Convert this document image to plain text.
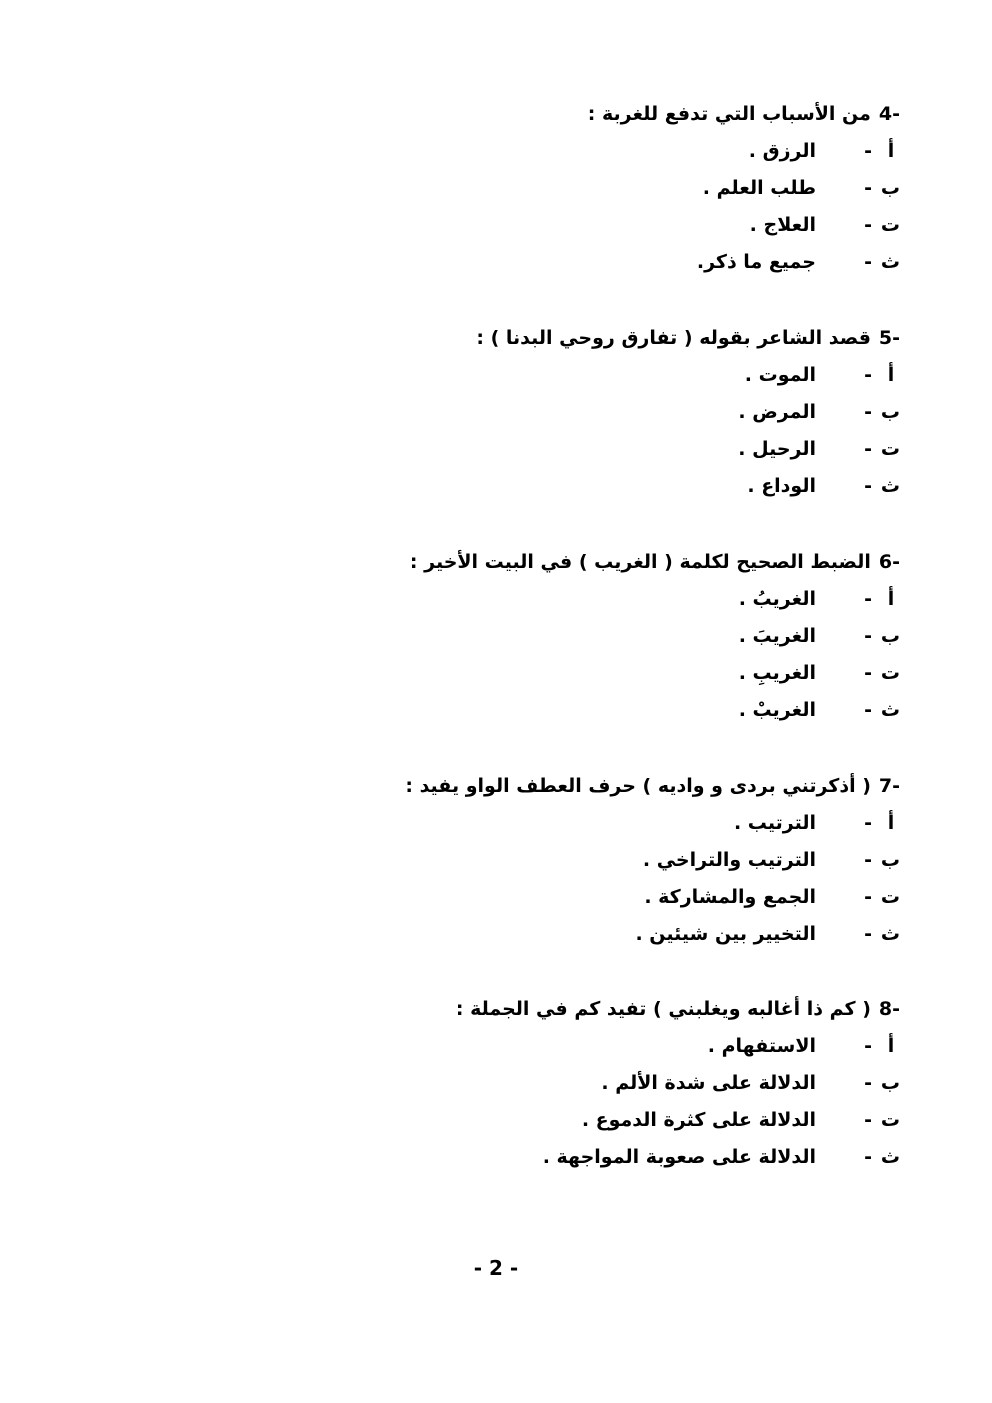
4-من الأسباب التي تدفع للغربة :
أ
-
الرزق .
ب
-
طلب العلم .
ت
-
العلاج .
ث
-
جميع ما ذكر.
5-قصد الشاعر بقوله ( تفارق روحي البدنا ) :
أ
-
الموت .
ب
-
المرض .
ت
-
الرحيل .
ث
-
الوداع .
6-الضبط الصحيح لكلمة ( الغريب ) في البيت الأخير :
أ
-
الغريبُ .
ب
-
الغريبَ .
ت
-
الغريبِ .
ث
-
الغريبْ .
7-( أذكرتني بردى و واديه ) حرف العطف الواو يفيد :
أ
-
الترتيب .
ب
-
الترتيب والتراخي .
ت
-
الجمع والمشاركة .
ث
-
التخيير بين شيئين .
8-( كم ذا أغالبه ويغلبني ) تفيد كم في الجملة :
أ
-
الاستفهام .
ب
-
الدلالة على شدة الألم .
ت
-
الدلالة على كثرة الدموع .
ث
-
الدلالة على صعوبة المواجهة .
- 2 -
